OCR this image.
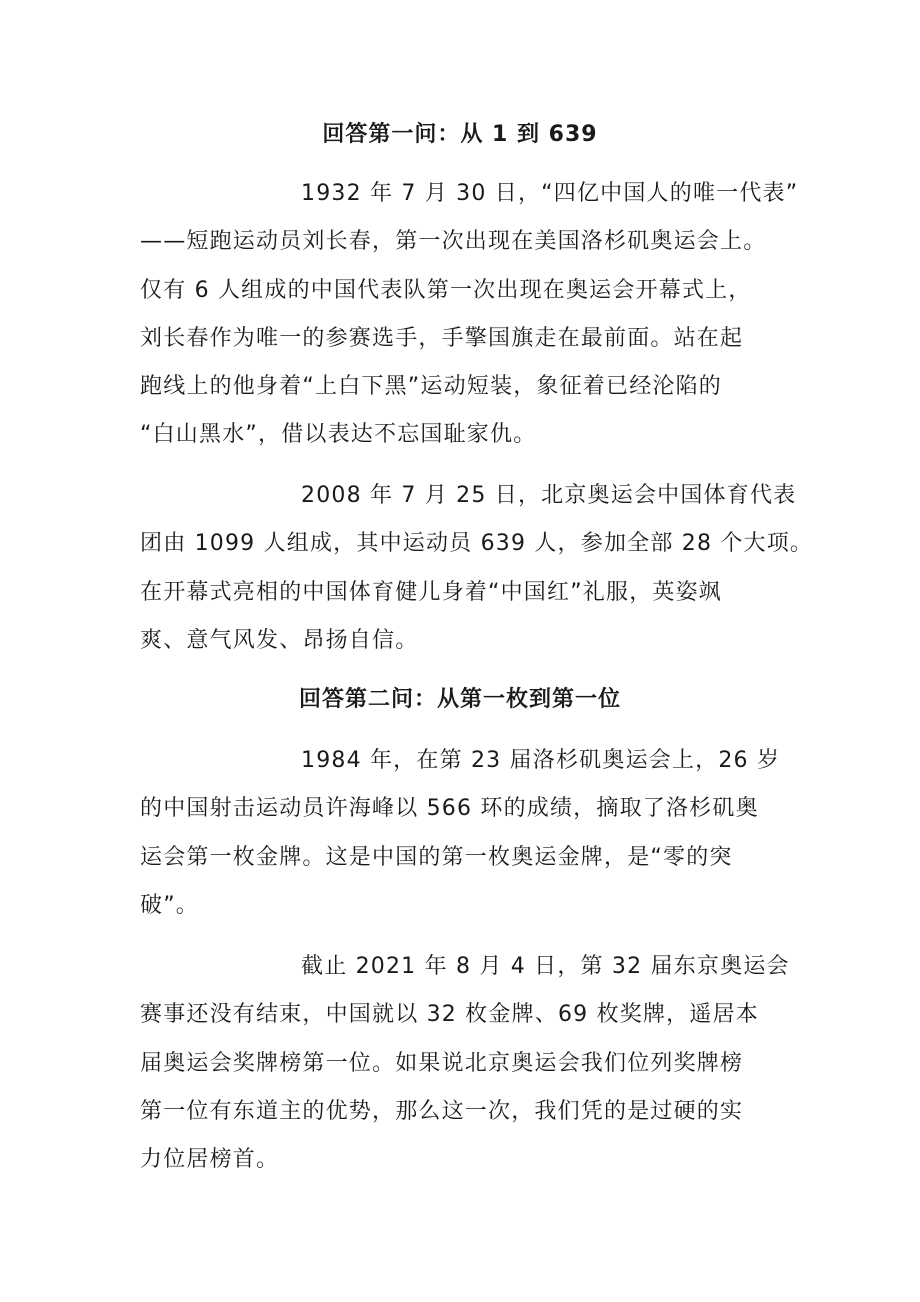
回答第一问：从 1 到 639
1932 年 7 月 30 日，“四亿中国人的唯一代表”
——短跑运动员刘长春，第一次出现在美国洛杉矶奥运会上。
仅有 6 人组成的中国代表队第一次出现在奥运会开幕式上，
刘长春作为唯一的参赛选手，手擎国旗走在最前面。站在起
跑线上的他身着“上白下黑”运动短装，象征着已经沦陷的
“白山黑水”，借以表达不忘国耻家仇。
2008 年 7 月 25 日，北京奥运会中国体育代表
团由 1099 人组成，其中运动员 639 人，参加全部 28 个大项。
在开幕式亮相的中国体育健儿身着“中国红”礼服，英姿飒
爽、意气风发、昂扬自信。
回答第二问：从第一枚到第一位
1984 年，在第 23 届洛杉矶奥运会上，26 岁
的中国射击运动员许海峰以 566 环的成绩，摘取了洛杉矶奥
运会第一枚金牌。这是中国的第一枚奥运金牌，是“零的突
破”。
截止 2021 年 8 月 4 日，第 32 届东京奥运会
赛事还没有结束，中国就以 32 枚金牌、69 枚奖牌，遥居本
届奥运会奖牌榜第一位。如果说北京奥运会我们位列奖牌榜
第一位有东道主的优势，那么这一次，我们凭的是过硬的实
力位居榜首。
